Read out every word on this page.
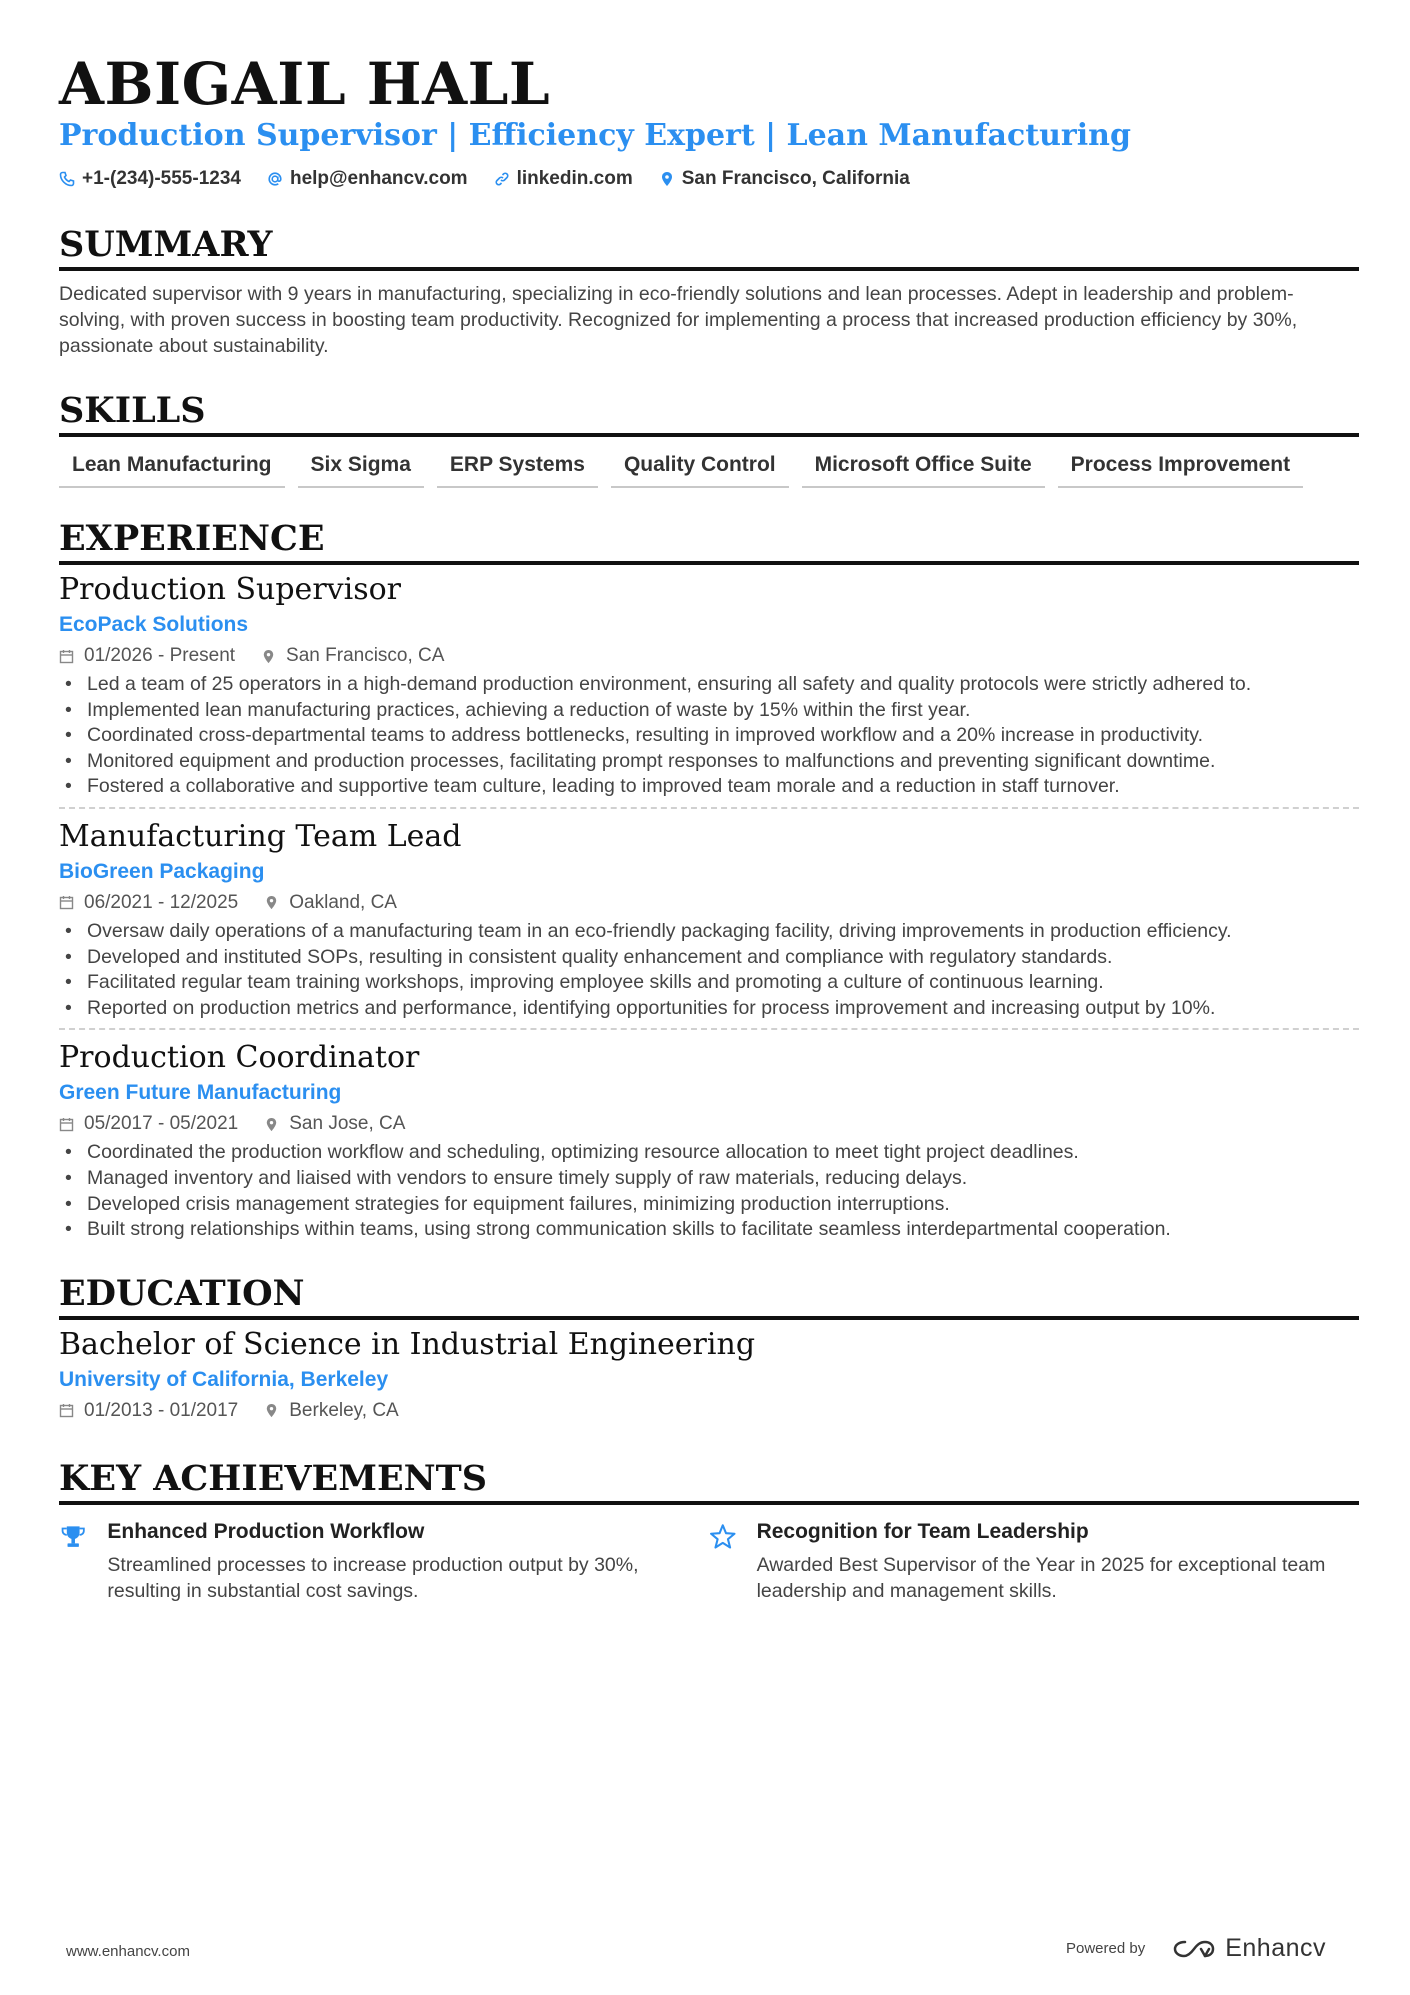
ABIGAIL HALL
Production Supervisor | Efficiency Expert | Lean Manufacturing
+1-(234)-555-1234	help@enhancv.com	linkedin.com	San Francisco, California
SUMMARY
Dedicated supervisor with 9 years in manufacturing, specializing in eco-friendly solutions and lean processes. Adept in leadership and problem-solving, with proven success in boosting team productivity. Recognized for implementing a process that increased production efficiency by 30%, passionate about sustainability.
SKILLS
Lean Manufacturing	Six Sigma	ERP Systems	Quality Control	Microsoft Office Suite	Process Improvement
EXPERIENCE
Production Supervisor
EcoPack Solutions
01/2026 - Present	San Francisco, CA
• Led a team of 25 operators in a high-demand production environment, ensuring all safety and quality protocols were strictly adhered to.
• Implemented lean manufacturing practices, achieving a reduction of waste by 15% within the first year.
• Coordinated cross-departmental teams to address bottlenecks, resulting in improved workflow and a 20% increase in productivity.
• Monitored equipment and production processes, facilitating prompt responses to malfunctions and preventing significant downtime.
• Fostered a collaborative and supportive team culture, leading to improved team morale and a reduction in staff turnover.
Manufacturing Team Lead
BioGreen Packaging
06/2021 - 12/2025	Oakland, CA
• Oversaw daily operations of a manufacturing team in an eco-friendly packaging facility, driving improvements in production efficiency.
• Developed and instituted SOPs, resulting in consistent quality enhancement and compliance with regulatory standards.
• Facilitated regular team training workshops, improving employee skills and promoting a culture of continuous learning.
• Reported on production metrics and performance, identifying opportunities for process improvement and increasing output by 10%.
Production Coordinator
Green Future Manufacturing
05/2017 - 05/2021	San Jose, CA
• Coordinated the production workflow and scheduling, optimizing resource allocation to meet tight project deadlines.
• Managed inventory and liaised with vendors to ensure timely supply of raw materials, reducing delays.
• Developed crisis management strategies for equipment failures, minimizing production interruptions.
• Built strong relationships within teams, using strong communication skills to facilitate seamless interdepartmental cooperation.
EDUCATION
Bachelor of Science in Industrial Engineering
University of California, Berkeley
01/2013 - 01/2017	Berkeley, CA
KEY ACHIEVEMENTS
Enhanced Production Workflow
Streamlined processes to increase production output by 30%, resulting in substantial cost savings.
Recognition for Team Leadership
Awarded Best Supervisor of the Year in 2025 for exceptional team leadership and management skills.
www.enhancv.com	Powered by	Enhancv
